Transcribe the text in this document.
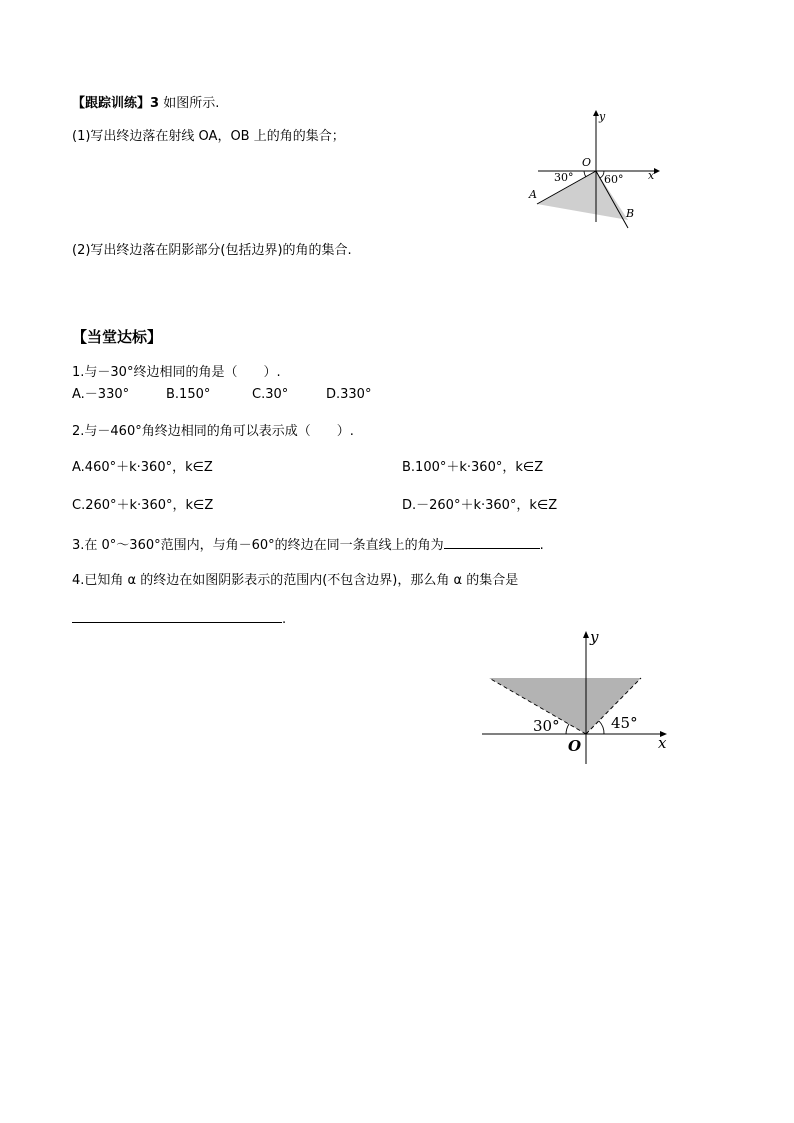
【跟踪训练】3 如图所示.
(1)写出终边落在射线 OA，OB 上的角的集合；
(2)写出终边落在阴影部分(包括边界)的角的集合.
y
x
O
A
B
30°	60°
【当堂达标】
1.与－30°终边相同的角是（　　）.
A.－330°	B.150°	C.30°	D.330°
2.与－460°角终边相同的角可以表示成（　　）.
A.460°＋k·360°，k∈Z	B.100°＋k·360°，k∈Z
C.260°＋k·360°，k∈Z	D.－260°＋k·360°，k∈Z
3.在 0°～360°范围内，与角－60°的终边在同一条直线上的角为	.
4.已知角 α 的终边在如图阴影表示的范围内(不包含边界)，那么角 α 的集合是
.
y
x
O
30°	45°
